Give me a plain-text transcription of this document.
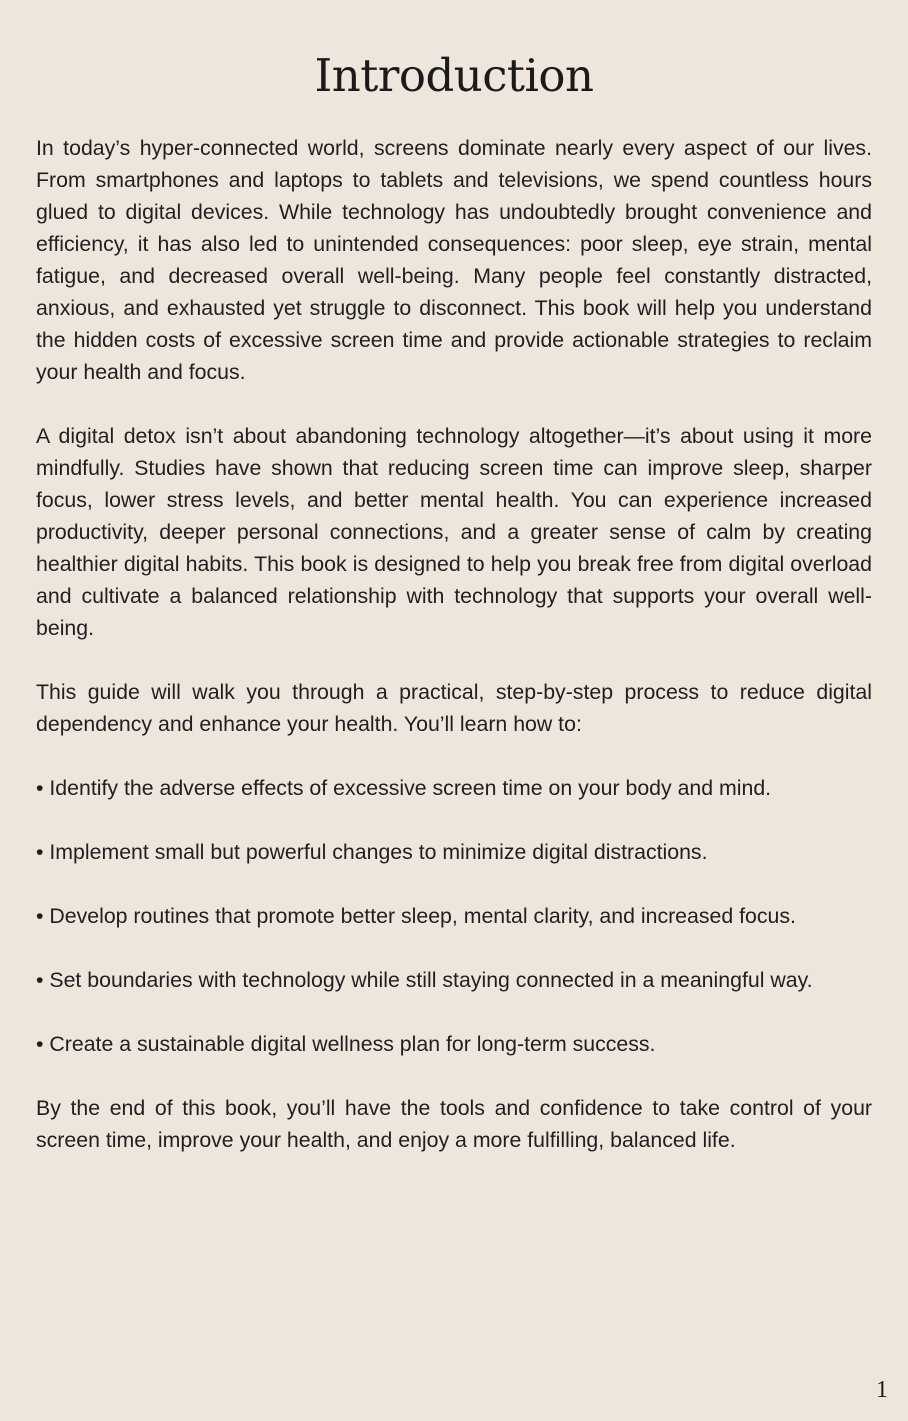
Introduction

In today’s hyper-connected world, screens dominate nearly every aspect of our lives. From smartphones and laptops to tablets and televisions, we spend countless hours glued to digital devices. While technology has undoubtedly brought convenience and efficiency, it has also led to unintended consequences: poor sleep, eye strain, mental fatigue, and decreased overall well-being. Many people feel constantly distracted, anxious, and exhausted yet struggle to disconnect. This book will help you understand the hidden costs of excessive screen time and provide actionable strategies to reclaim your health and focus.

A digital detox isn’t about abandoning technology altogether—it’s about using it more mindfully. Studies have shown that reducing screen time can improve sleep, sharper focus, lower stress levels, and better mental health. You can experience increased productivity, deeper personal connections, and a greater sense of calm by creating healthier digital habits. This book is designed to help you break free from digital overload and cultivate a balanced relationship with technology that supports your overall well-being.

This guide will walk you through a practical, step-by-step process to reduce digital dependency and enhance your health. You’ll learn how to:

• Identify the adverse effects of excessive screen time on your body and mind.
• Implement small but powerful changes to minimize digital distractions.
• Develop routines that promote better sleep, mental clarity, and increased focus.
• Set boundaries with technology while still staying connected in a meaningful way.
• Create a sustainable digital wellness plan for long-term success.

By the end of this book, you’ll have the tools and confidence to take control of your screen time, improve your health, and enjoy a more fulfilling, balanced life.

1
